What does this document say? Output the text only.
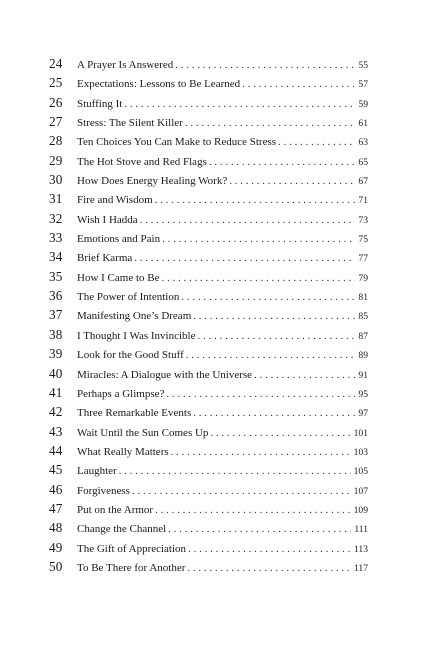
24	A Prayer Is Answered . . .	55
25	Expectations: Lessons to Be Learned . . .	57
26	Stuffing It . . .	59
27	Stress: The Silent Killer . . .	61
28	Ten Choices You Can Make to Reduce Stress . . .	63
29	The Hot Stove and Red Flags . . .	65
30	How Does Energy Healing Work? . . .	67
31	Fire and Wisdom . . .	71
32	Wish I Hadda . . .	73
33	Emotions and Pain . . .	75
34	Brief Karma . . .	77
35	How I Came to Be . . .	79
36	The Power of Intention . . .	81
37	Manifesting One’s Dream . . .	85
38	I Thought I Was Invincible . . .	87
39	Look for the Good Stuff . . .	89
40	Miracles: A Dialogue with the Universe . . .	91
41	Perhaps a Glimpse? . . .	95
42	Three Remarkable Events . . .	97
43	Wait Until the Sun Comes Up . . .	101
44	What Really Matters . . .	103
45	Laughter . . .	105
46	Forgiveness . . .	107
47	Put on the Armor . . .	109
48	Change the Channel . . .	111
49	The Gift of Appreciation . . .	113
50	To Be There for Another . . .	117
